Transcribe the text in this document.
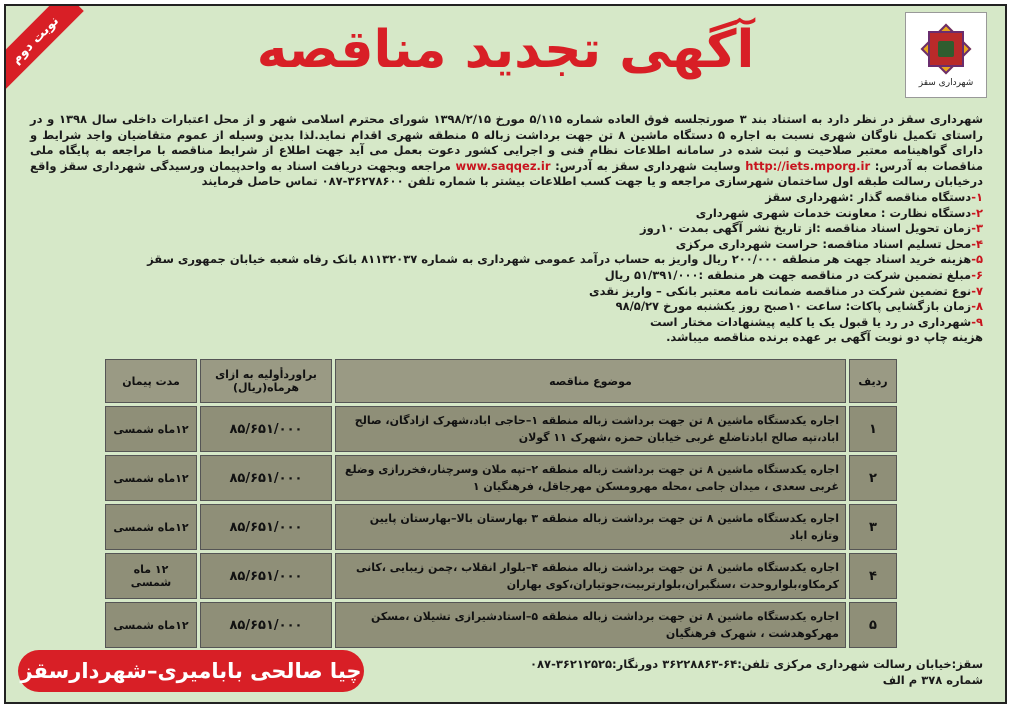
نوبت دوم	آگهی تجدید مناقصه
شهرداری سقز

شهرداری سقز در نظر دارد به استناد بند ۳ صورتجلسه فوق العاده شماره ۵/۱۱۵ مورخ ۱۳۹۸/۲/۱۵ شورای محترم اسلامی شهر و از محل اعتبارات داخلی سال ۱۳۹۸ و در راستای تکمیل ناوگان شهری نسبت به اجاره ۵ دستگاه ماشین ۸ تن جهت برداشت زباله ۵ منطقه شهری اقدام نماید.لذا بدین وسیله از عموم متقاضیان واجد شرایط و دارای گواهینامه معتبر صلاحیت و ثبت شده در سامانه اطلاعات نظام فنی و اجرایی کشور دعوت بعمل می آید جهت اطلاع از شرایط مناقصه با مراجعه به پایگاه ملی مناقصات به آدرس: http://iets.mporg.ir وسایت شهرداری سقز به آدرس: www.saqqez.ir مراجعه وبجهت دریافت اسناد به واحدپیمان ورسیدگی شهرداری سقز واقع درخیابان رسالت طبقه اول ساختمان شهرسازی مراجعه و یا جهت کسب اطلاعات بیشتر با شماره تلفن ۳۶۲۷۸۶۰۰-۰۸۷ تماس حاصل فرمایند

۱-دستگاه مناقصه گذار :شهرداری سقز
۲-دستگاه نظارت : معاونت خدمات شهری شهرداری
۳-زمان تحویل اسناد مناقصه :از تاریخ نشر آگهی بمدت ۱۰روز
۴-محل تسلیم اسناد مناقصه: حراست شهرداری مرکزی
۵-هزینه خرید اسناد جهت هر منطقه ۲۰۰/۰۰۰ ریال واریز به حساب درآمد عمومی شهرداری به شماره ۸۱۱۳۲۰۳۷ بانک رفاه شعبه خیابان جمهوری سقز
۶-مبلغ تضمین شرکت در مناقصه جهت هر منطقه :۵۱/۳۹۱/۰۰۰ ریال
۷-نوع تضمین شرکت در مناقصه ضمانت نامه معتبر بانکی – واریز نقدی
۸-زمان بازگشایی پاکات: ساعت ۱۰صبح روز یکشنبه مورخ ۹۸/۵/۲۷
۹-شهرداری در رد یا قبول یک یا کلیه پیشنهادات مختار است
هزینه چاپ دو نوبت آگهی بر عهده برنده مناقصه میباشد.
ردیف	موضوع مناقصه	براوردأولیه به ازای هرماه(ریال)	مدت پیمان
۱	اجاره یکدستگاه ماشین ۸ تن جهت برداشت زباله منطقه ۱–حاجی اباد،شهرک ازادگان، صالح اباد،تپه صالح ابادتاضلع غربی خیابان حمزه ،شهرک ۱۱ گولان	۸۵/۶۵۱/۰۰۰	۱۲ماه شمسی
۲	اجاره یکدستگاه ماشین ۸ تن جهت برداشت زباله منطقه ۲–تپه ملان وسرچنار،فخررازی وضلع غربی سعدی ، میدان جامی ،محله مهرومسکن مهرجاقل، فرهنگیان ۱	۸۵/۶۵۱/۰۰۰	۱۲ماه شمسی
۳	اجاره یکدستگاه ماشین ۸ تن جهت برداشت زباله منطقه ۳ بهارستان بالا–بهارستان پایین وتازه اباد	۸۵/۶۵۱/۰۰۰	۱۲ماه شمسی
۴	اجاره یکدستگاه ماشین ۸ تن جهت برداشت زباله منطقه ۴–بلوار انقلاب ،چمن زیبایی ،کانی کرمکاو،بلواروحدت ،سنگبران،بلوارتربیت،جوتیاران،کوی بهاران	۸۵/۶۵۱/۰۰۰	۱۲ ماه شمسی
۵	اجاره یکدستگاه ماشین ۸ تن جهت برداشت زباله منطقه ۵–استادشیرازی تشیلان ،مسکن مهرکوهدشت ، شهرک فرهنگیان	۸۵/۶۵۱/۰۰۰	۱۲ماه شمسی
سقز:خیابان رسالت شهرداری مرکزی تلفن:۶۴-۳۶۲۲۸۸۶۳ دورنگار:۳۶۲۱۲۵۲۵-۰۸۷
شماره ۳۷۸ م الف
چیا صالحی بابامیری–شهردارسقز
